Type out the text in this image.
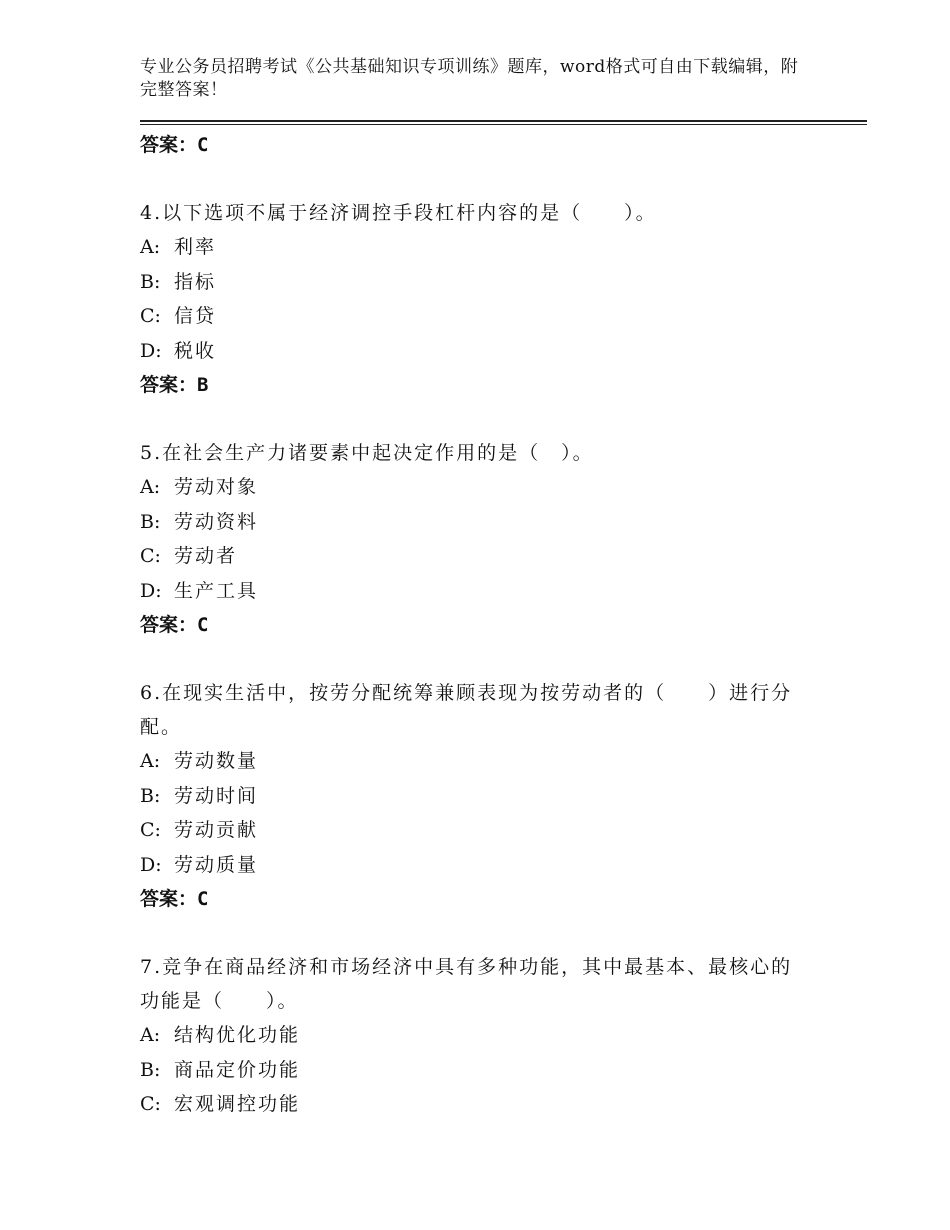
专业公务员招聘考试《公共基础知识专项训练》题库，word格式可自由下载编辑，附完整答案！

答案：C

4.以下选项不属于经济调控手段杠杆内容的是（　　）。

A: 利率

B: 指标

C: 信贷

D: 税收

答案：B

5.在社会生产力诸要素中起决定作用的是（　）。

A: 劳动对象

B: 劳动资料

C: 劳动者

D: 生产工具

答案：C

6.在现实生活中，按劳分配统筹兼顾表现为按劳动者的（　　）进行分配。

A: 劳动数量

B: 劳动时间

C: 劳动贡献

D: 劳动质量

答案：C

7.竞争在商品经济和市场经济中具有多种功能，其中最基本、最核心的功能是（　　）。

A: 结构优化功能

B: 商品定价功能

C: 宏观调控功能
